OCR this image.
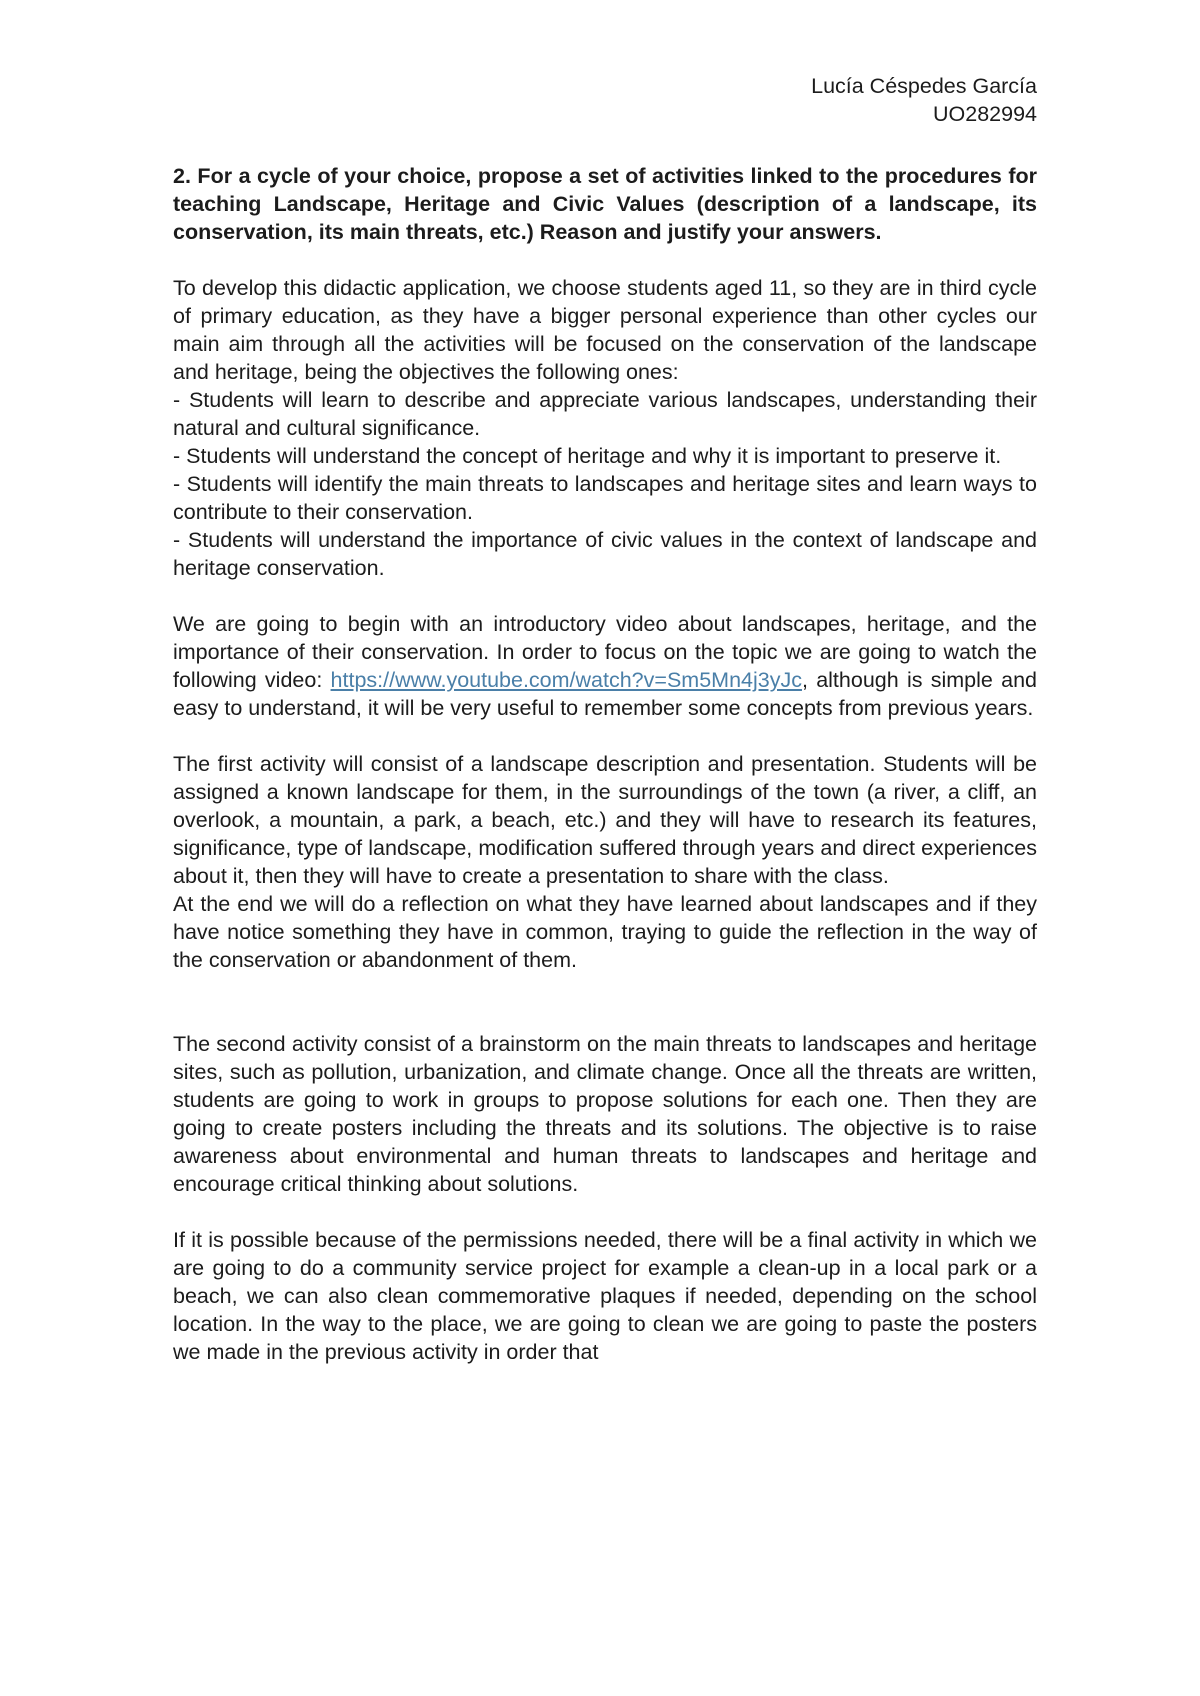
Lucía Céspedes García
UO282994

2. For a cycle of your choice, propose a set of activities linked to the procedures for teaching Landscape, Heritage and Civic Values (description of a landscape, its conservation, its main threats, etc.) Reason and justify your answers.

To develop this didactic application, we choose students aged 11, so they are in third cycle of primary education, as they have a bigger personal experience than other cycles our main aim through all the activities will be focused on the conservation of the landscape and heritage, being the objectives the following ones:

- Students will learn to describe and appreciate various landscapes, understanding their natural and cultural significance.

- Students will understand the concept of heritage and why it is important to preserve it.

- Students will identify the main threats to landscapes and heritage sites and learn ways to contribute to their conservation.

- Students will understand the importance of civic values in the context of landscape and heritage conservation.

We are going to begin with an introductory video about landscapes, heritage, and the importance of their conservation. In order to focus on the topic we are going to watch the following video: https://www.youtube.com/watch?v=Sm5Mn4j3yJc, although is simple and easy to understand, it will be very useful to remember some concepts from previous years.

The first activity will consist of a landscape description and presentation. Students will be assigned a known landscape for them, in the surroundings of the town (a river, a cliff, an overlook, a mountain, a park, a beach, etc.) and they will have to research its features, significance, type of landscape, modification suffered through years and direct experiences about it, then they will have to create a presentation to share with the class.

At the end we will do a reflection on what they have learned about landscapes and if they have notice something they have in common, traying to guide the reflection in the way of the conservation or abandonment of them.

The second activity consist of a brainstorm on the main threats to landscapes and heritage sites, such as pollution, urbanization, and climate change. Once all the threats are written, students are going to work in groups to propose solutions for each one. Then they are going to create posters including the threats and its solutions. The objective is to raise awareness about environmental and human threats to landscapes and heritage and encourage critical thinking about solutions.

If it is possible because of the permissions needed, there will be a final activity in which we are going to do a community service project for example a clean-up in a local park or a beach, we can also clean commemorative plaques if needed, depending on the school location. In the way to the place, we are going to clean we are going to paste the posters we made in the previous activity in order that
